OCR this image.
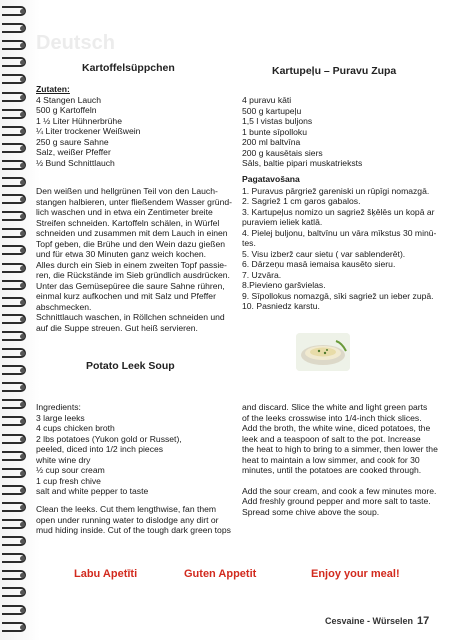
Deutsch
Kartoffelsüppchen
Zutaten:
4 Stangen Lauch
500 g Kartoffeln
1 ½ Liter Hühnerbrühe
¼ Liter trockener Weißwein
250 g saure Sahne
Salz, weißer Pfeffer
½ Bund Schnittlauch
Den weißen und hellgrünen Teil von den Lauch-
stangen halbieren, unter fließendem Wasser gründ-
lich waschen und in etwa ein Zentimeter breite
Streifen schneiden. Kartoffeln schälen, in Würfel
schneiden und zusammen mit dem Lauch in einen
Topf geben, die Brühe und den Wein dazu gießen
und für etwa 30 Minuten ganz weich kochen.
Alles durch ein Sieb in einem zweiten Topf passie-
ren, die Rückstände im Sieb gründlich ausdrücken.
Unter das Gemüsepüree die saure Sahne rühren,
einmal kurz aufkochen und mit Salz und Pfeffer
abschmecken.
Schnittlauch waschen, in Röllchen schneiden und
auf die Suppe streuen. Gut heiß servieren.
Kartupeļu – Puravu Zupa
4 puravu kāti
500 g kartupeļu
1,5 l vistas buljons
1 bunte sīpolloku
200 ml baltvīna
200 g kausētais siers
Sāls, baltie pipari muskatrieksts
Pagatavošana
1. Puravus pārgriež gareniski un rūpīgi nomazgā.
2. Sagriež 1 cm garos gabalos.
3. Kartupeļus nomizo un sagriež šķēlēs un kopā ar
puraviem ieliek katlā.
4. Pielej buljonu, baltvīnu un vāra mīkstus 30 minū-
tes.
5. Visu izberž caur sietu ( var sablenderēt).
6. Dārzeņu masā iemaisa kausēto sieru.
7. Uzvāra.
8.Pievieno garšvielas.
9. Sīpollokus nomazgā, sīki sagriež un ieber zupā.
10. Pasniedz karstu.
Potato Leek Soup
Ingredients:
3 large leeks
4 cups chicken broth
2 lbs potatoes (Yukon gold or Russet),
peeled, diced into 1/2 inch pieces
white wine dry
½ cup sour cream
1 cup fresh chive
salt and white pepper to taste
Clean the leeks. Cut them lengthwise, fan them
open under running water to dislodge any dirt or
mud hiding inside. Cut of the tough dark green tops
and discard. Slice the white and light green parts
of the leeks crosswise into 1/4-inch thick slices.
Add the broth, the white wine, diced potatoes, the
leek and a teaspoon of salt to the pot. Increase
the heat to high to bring to a simmer, then lower the
heat to maintain a low simmer, and cook for 30
minutes, until the potatoes are cooked through.
Add the sour cream, and cook a few minutes more.
Add freshly ground pepper and more salt to taste.
Spread some chive above the soup.
Labu Apetīti	Guten Appetit	Enjoy your meal!
Cesvaine - Würselen 17
